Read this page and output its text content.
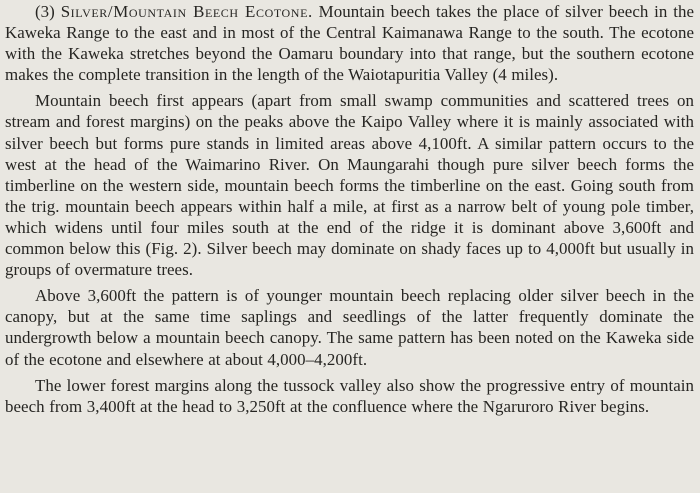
(3) Silver/Mountain Beech Ecotone. Mountain beech takes the place of silver beech in the Kaweka Range to the east and in most of the Central Kaimanawa Range to the south. The ecotone with the Kaweka stretches beyond the Oamaru boundary into that range, but the southern ecotone makes the complete transition in the length of the Waiotapuritia Valley (4 miles).

Mountain beech first appears (apart from small swamp communities and scattered trees on stream and forest margins) on the peaks above the Kaipo Valley where it is mainly associated with silver beech but forms pure stands in limited areas above 4,100ft. A similar pattern occurs to the west at the head of the Waimarino River. On Maungarahi though pure silver beech forms the timberline on the western side, mountain beech forms the timberline on the east. Going south from the trig. mountain beech appears within half a mile, at first as a narrow belt of young pole timber, which widens until four miles south at the end of the ridge it is dominant above 3,600ft and common below this (Fig. 2). Silver beech may dominate on shady faces up to 4,000ft but usually in groups of overmature trees.

Above 3,600ft the pattern is of younger mountain beech replacing older silver beech in the canopy, but at the same time saplings and seedlings of the latter frequently dominate the undergrowth below a mountain beech canopy. The same pattern has been noted on the Kaweka side of the ecotone and elsewhere at about 4,000–4,200ft.

The lower forest margins along the tussock valley also show the progressive entry of mountain beech from 3,400ft at the head to 3,250ft at the confluence where the Ngaruroro River begins.
